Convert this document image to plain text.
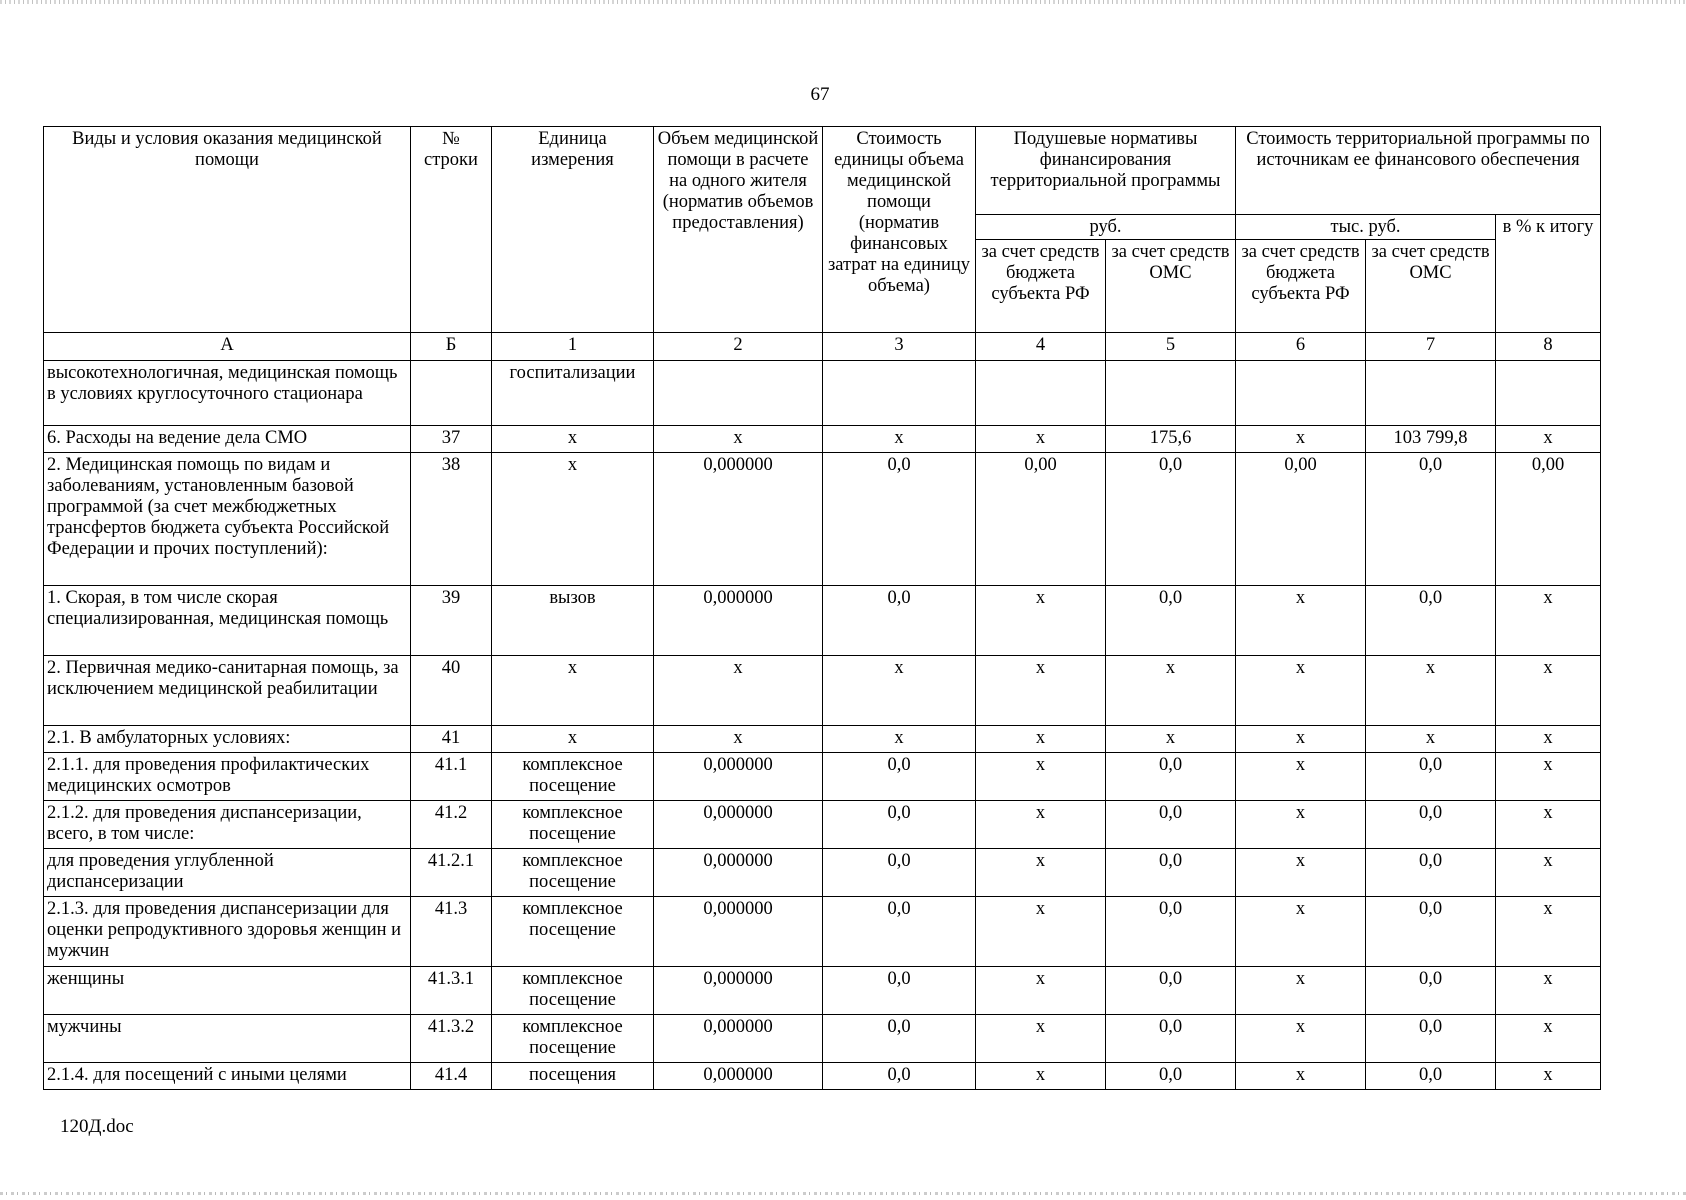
67
Виды и условия оказания медицинской помощи	№ строки	Единица измерения	Объем медицинской помощи в расчете на одного жителя (норматив объемов предоставления)	Стоимость единицы объема медицинской помощи (норматив финансовых затрат на единицу объема)	Подушевые нормативы финансирования территориальной программы		Стоимость территориальной программы по источникам ее финансового обеспечения		
					руб.		тыс. руб.		в % к итогу
					за счет средств бюджета субъекта РФ	за счет средств ОМС	за счет средств бюджета субъекта РФ	за счет средств ОМС	
А	Б	1	2	3	4	5	6	7	8
высокотехнологичная, медицинская помощь в условиях круглосуточного стационара		госпитализации							
6. Расходы на ведение дела СМО	37	х	х	х	х	175,6	х	103 799,8	х
2. Медицинская помощь по видам и заболеваниям, установленным базовой программой (за счет межбюджетных трансфертов бюджета субъекта Российской Федерации и прочих поступлений):	38	х	0,000000	0,0	0,00	0,0	0,00	0,0	0,00
1. Скорая, в том числе скорая специализированная, медицинская помощь	39	вызов	0,000000	0,0	х	0,0	х	0,0	х
2. Первичная медико-санитарная помощь, за исключением медицинской реабилитации	40	х	х	х	х	х	х	х	х
2.1. В амбулаторных условиях:	41	х	х	х	х	х	х	х	х
2.1.1. для проведения профилактических медицинских осмотров	41.1	комплексное посещение	0,000000	0,0	х	0,0	х	0,0	х
2.1.2. для проведения диспансеризации, всего, в том числе:	41.2	комплексное посещение	0,000000	0,0	х	0,0	х	0,0	х
для проведения углубленной диспансеризации	41.2.1	комплексное посещение	0,000000	0,0	х	0,0	х	0,0	х
2.1.3. для проведения диспансеризации для оценки репродуктивного здоровья женщин и мужчин	41.3	комплексное посещение	0,000000	0,0	х	0,0	х	0,0	х
женщины	41.3.1	комплексное посещение	0,000000	0,0	х	0,0	х	0,0	х
мужчины	41.3.2	комплексное посещение	0,000000	0,0	х	0,0	х	0,0	х
2.1.4. для посещений с иными целями	41.4	посещения	0,000000	0,0	х	0,0	х	0,0	х
120Д.doc
